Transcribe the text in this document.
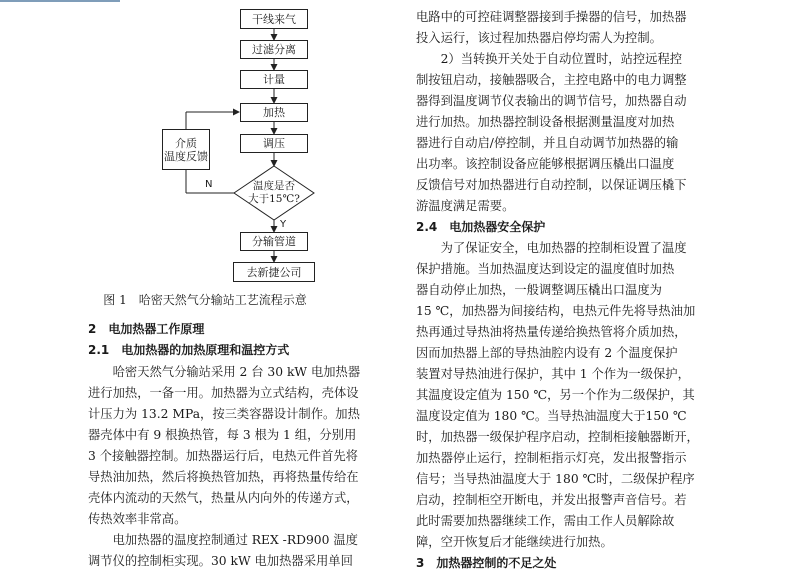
干线来气
过滤分离
计量
加热
调压
分输管道
去新捷公司
介质
温度反馈
温度是否
大于15℃?
N
Y
图 1　哈密天然气分输站工艺流程示意
2　电加热器工作原理
2.1　电加热器的加热原理和温控方式
　　哈密天然气分输站采用 2 台 30 kW 电加热器
进行加热，一备一用。加热器为立式结构，壳体设
计压力为 13.2 MPa，按三类容器设计制作。加热
器壳体中有 9 根换热管，每 3 根为 1 组，分别用
3 个接触器控制。加热器运行后，电热元件首先将
导热油加热，然后将换热管加热，再将热量传给在
壳体内流动的天然气，热量从内向外的传递方式，
传热效率非常高。
　　电加热器的温度控制通过 REX -RD900 温度
调节仪的控制柜实现。30 kW 电加热器采用单回
电路中的可控硅调整器接到手操器的信号，加热器
投入运行，该过程加热器启停均需人为控制。
　　2）当转换开关处于自动位置时，站控远程控
制按钮启动，接触器吸合，主控电路中的电力调整
器得到温度调节仪表输出的调节信号，加热器自动
进行加热。加热器控制设备根据测量温度对加热
器进行自动启/停控制，并且自动调节加热器的输
出功率。该控制设备应能够根据调压橇出口温度
反馈信号对加热器进行自动控制，以保证调压橇下
游温度满足需要。
2.4　电加热器安全保护
　　为了保证安全，电加热器的控制柜设置了温度
保护措施。当加热温度达到设定的温度值时加热
器自动停止加热，一般调整调压橇出口温度为
15 ℃，加热器为间接结构，电热元件先将导热油加
热再通过导热油将热量传递给换热管将介质加热，
因而加热器上部的导热油腔内设有 2 个温度保护
装置对导热油进行保护，其中 1 个作为一级保护，
其温度设定值为 150 ℃，另一个作为二级保护，其
温度设定值为 180 ℃。当导热油温度大于150 ℃
时，加热器一级保护程序启动，控制柜接触器断开，
加热器停止运行，控制柜指示灯亮，发出报警指示
信号；当导热油温度大于 180 ℃时，二级保护程序
启动，控制柜空开断电，并发出报警声音信号。若
此时需要加热器继续工作，需由工作人员解除故
障，空开恢复后才能继续进行加热。
3　加热器控制的不足之处
